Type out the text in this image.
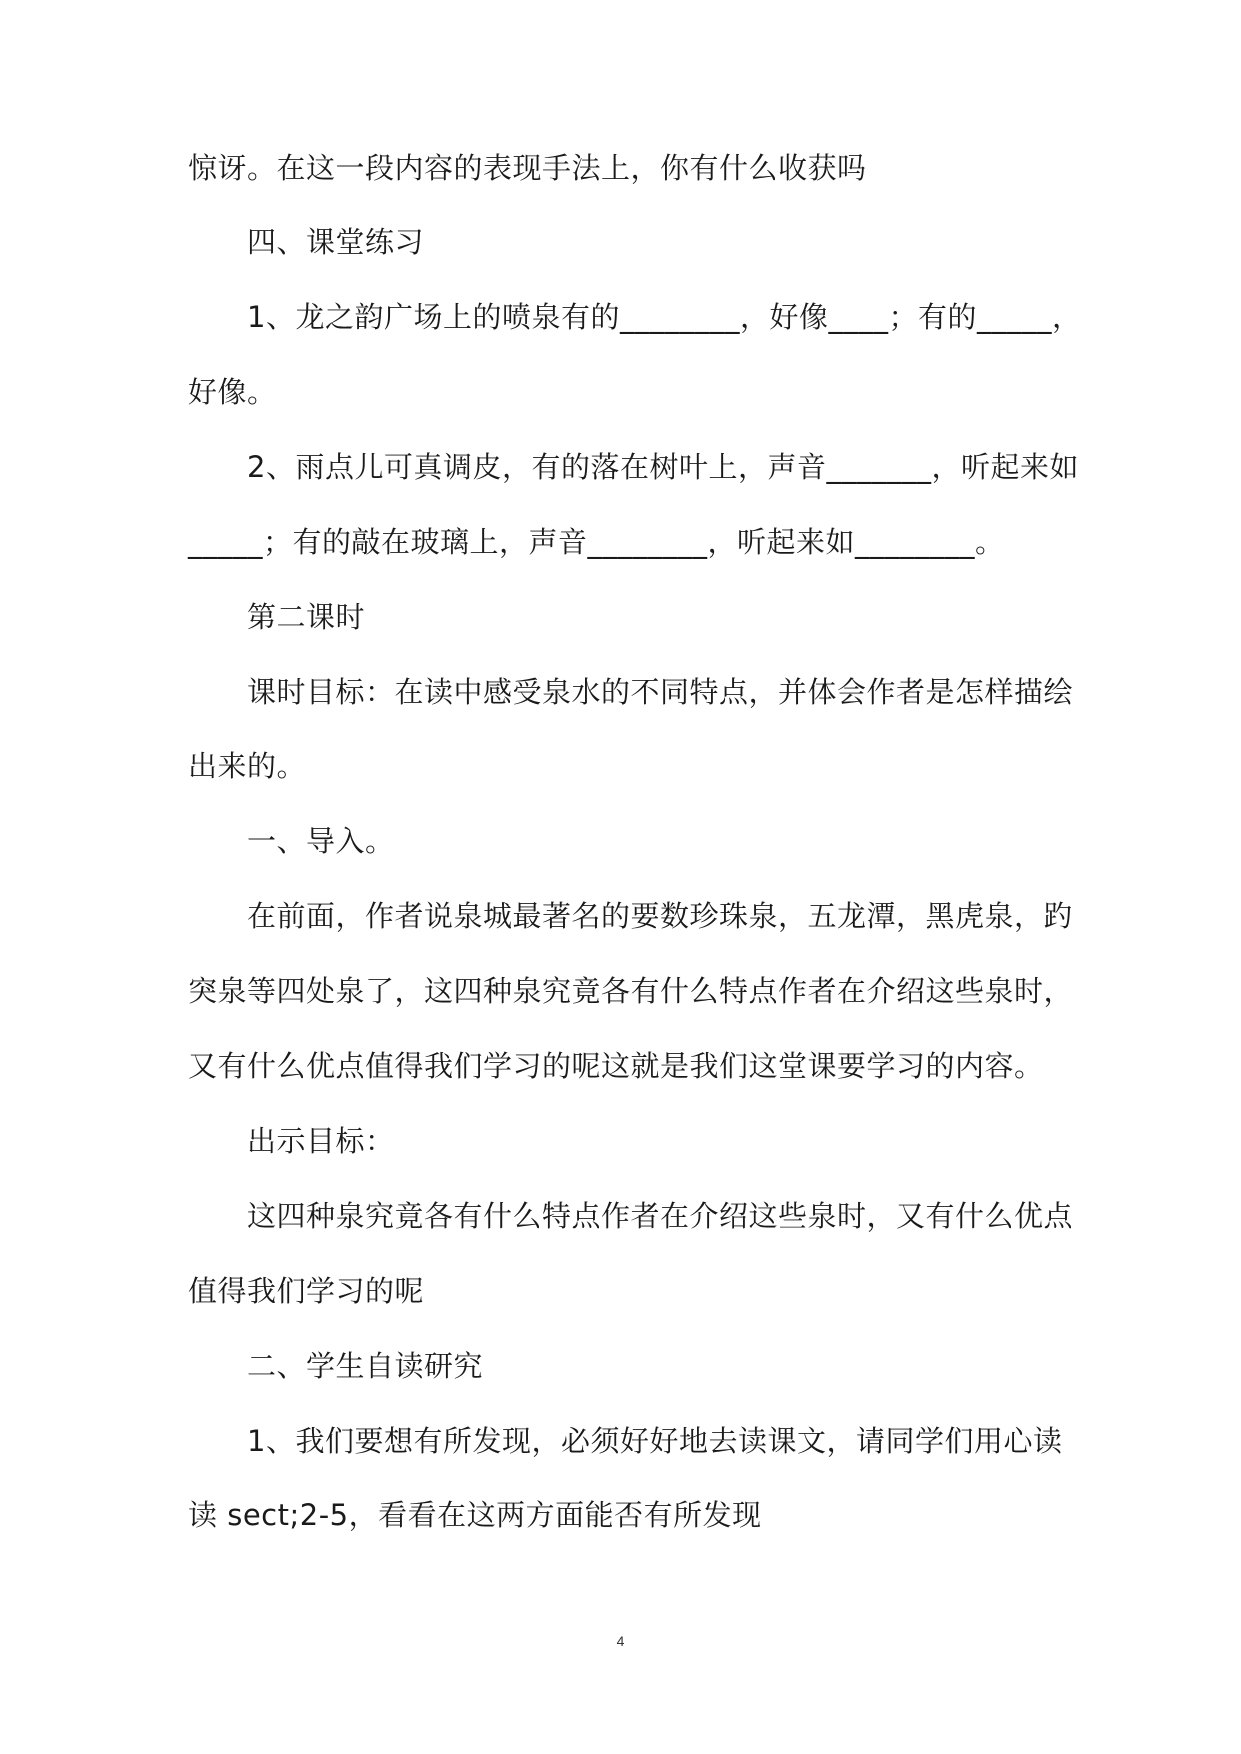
惊讶。在这一段内容的表现手法上，你有什么收获吗
四、课堂练习
1、龙之韵广场上的喷泉有的________，好像____；有的_____，
好像。
2、雨点儿可真调皮，有的落在树叶上，声音_______，听起来如
_____；有的敲在玻璃上，声音________，听起来如________。
第二课时
课时目标：在读中感受泉水的不同特点，并体会作者是怎样描绘
出来的。
一、导入。
在前面，作者说泉城最著名的要数珍珠泉，五龙潭，黑虎泉，趵
突泉等四处泉了，这四种泉究竟各有什么特点作者在介绍这些泉时，
又有什么优点值得我们学习的呢这就是我们这堂课要学习的内容。
出示目标：
这四种泉究竟各有什么特点作者在介绍这些泉时，又有什么优点
值得我们学习的呢
二、学生自读研究
1、我们要想有所发现，必须好好地去读课文，请同学们用心读
读 sect;2-5，看看在这两方面能否有所发现
4
